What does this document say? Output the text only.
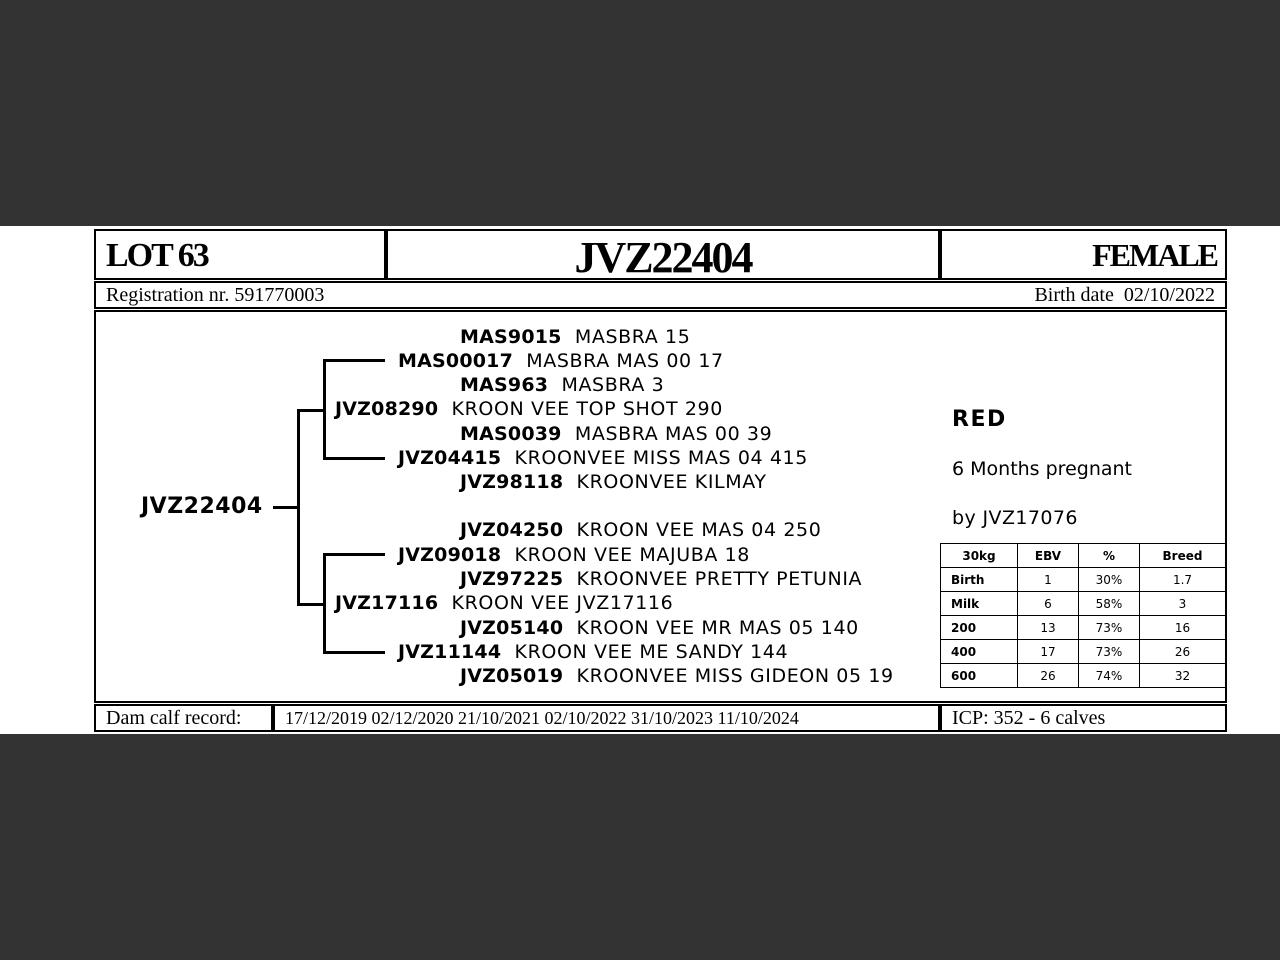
LOT 63	JVZ22404	FEMALE
Registration nr. 591770003	Birth date 02/10/2022
JVZ22404
MAS9015 MASBRA 15
MAS00017 MASBRA MAS 00 17
MAS963 MASBRA 3
JVZ08290 KROON VEE TOP SHOT 290
MAS0039 MASBRA MAS 00 39
JVZ04415 KROONVEE MISS MAS 04 415
JVZ98118 KROONVEE KILMAY
JVZ04250 KROON VEE MAS 04 250
JVZ09018 KROON VEE MAJUBA 18
JVZ97225 KROONVEE PRETTY PETUNIA
JVZ17116 KROON VEE JVZ17116
JVZ05140 KROON VEE MR MAS 05 140
JVZ11144 KROON VEE ME SANDY 144
JVZ05019 KROONVEE MISS GIDEON 05 19
RED
6 Months pregnant
by JVZ17076
30kg	EBV	%	Breed
Birth	1	30%	1.7
Milk	6	58%	3
200	13	73%	16
400	17	73%	26
600	26	74%	32
Dam calf record: 17/12/2019 02/12/2020 21/10/2021 02/10/2022 31/10/2023 11/10/2024	ICP: 352 - 6 calves
